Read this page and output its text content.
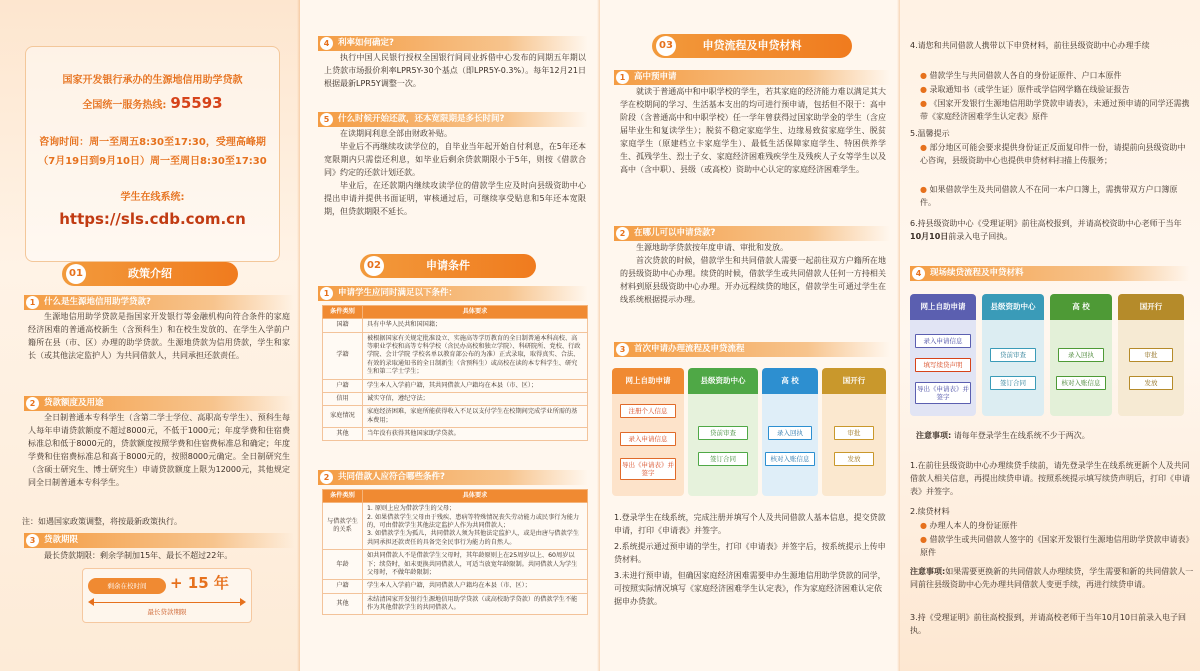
国家开发银行承办的生源地信用助学贷款
全国统一服务热线: 95593
咨询时间：周一至周五8:30至17:30，受理高峰期
（7月19日到9月10日）周一至周日8:30至17:30
学生在线系统:
https://sls.cdb.com.cn
01	政策介绍
1	什么是生源地信用助学贷款?

生源地信用助学贷款是指国家开发银行等金融机构向符合条件的家庭经济困难的普通高校新生（含预科生）和在校生发放的、在学生入学前户籍所在县（市、区）办理的助学贷款。生源地贷款为信用贷款，学生和家长（或其他法定监护人）为共同借款人，共同承担还款责任。

2	贷款额度及用途

全日制普通本专科学生（含第二学士学位、高职高专学生）、预科生每人每年申请贷款额度不超过8000元，不低于1000元；年度学费和住宿费标准总和低于8000元的，贷款额度按照学费和住宿费标准总和确定；年度学费和住宿费标准总和高于8000元的，按照8000元确定。全日制研究生（含硕士研究生、博士研究生）申请贷款额度上限为12000元，其他规定同全日制普通本专科学生。

注：如遇国家政策调整，将按最新政策执行。
3	贷款期限

最长贷款期限：剩余学制加15年、最长不超过22年。

剩余在校时间	+ 15 年
最长贷款期限
4	利率如何确定?

执行中国人民银行授权全国银行间同业拆借中心发布的同期五年期以上贷款市场报价利率LPR5Y-30个基点（即LPR5Y-0.3%）。每年12月21日根据最新LPR5Y调整一次。

5	什么时候开始还款，还本宽限期是多长时间?

在读期间利息全部由财政补贴。

毕业后不再继续攻读学位的，自毕业当年起开始自付利息，在5年还本宽限期内只需偿还利息，如毕业后剩余贷款期限小于5年，则按《借款合同》约定的还款计划还款。

毕业后，在还款期内继续攻读学位的借款学生应及时向县级资助中心提出申请并提供书面证明，审核通过后，可继续享受贴息和5年还本宽限期，但贷款期限不延长。

02	申请条件
1	申请学生应同时满足以下条件：
条件类别	具体要求
国籍	具有中华人民共和国国籍；
学籍	被根据国家有关规定批准设立、实施高等学历教育的全日制普通本科高校、高等职业学校和高等专科学校（含民办高校和独立学院）、科研院所、党校、行政学院、会计学院 学校名单以教育部公布的为准）正式录取，取得真实、合法、有效的录取通知书的全日制新生（含预科生）或高校在读的本专科学生、研究生和第二学士学生；
户籍	学生本人入学前户籍，其共同借款人户籍均在本县（市、区）；
信用	诚实守信，遵纪守法；
家庭情况	家庭经济困难，家庭所能获得收入不足以支付学生在校期间完成学业所需的基本费用；
其他	当年没有获得其他国家助学贷款。
2	共同借款人应符合哪些条件?
条件类别	具体要求
与借款学生的关系	1. 原则上应为借款学生的父母；
2. 如果借款学生父母由于残疾、患病等特殊情况丧失劳动能力或民事行为能力的，可由借款学生其他法定监护人作为共同借款人；
3. 如借款学生为孤儿，共同借款人须为其他法定监护人，或是由唐与借款学生共同承担还款责任的具备完全民事行为能力的自然人。
年龄	如共同借款人不是借款学生父母时，其年龄原则上在25周岁以上、60周岁以下；续贷时，如未更换共同借款人，可适当放宽年龄限制。共同借款人为学生父母时，不做年龄限制；
户籍	学生本人入学前户籍，共同借款人户籍均在本县（市、区）；
其他	未结清国家开发银行生源地信用助学贷款（或高校助学贷款）的借款学生不能作为其他借款学生的共同借款人。
03	申贷流程及申贷材料
1	高中预申请

就读于普通高中和中职学校的学生，若其家庭的经济能力难以满足其大学在校期间的学习、生活基本支出的均可进行预申请，包括但不限于：高中阶段（含普通高中和中职学校）任一学年曾获得过国家助学金的学生（含应届毕业生和复读学生）；脱贫不稳定家庭学生、边缘易致贫家庭学生、脱贫家庭学生（原建档立卡家庭学生）、最低生活保障家庭学生、特困供养学生、孤残学生、烈士子女、家庭经济困难残疾学生及残疾人子女等学生以及高中（含中职）、县级（或高校）资助中心认定的家庭经济困难学生。

2	在哪儿可以申请贷款?

生源地助学贷款按年度申请、审批和发放。

首次贷款的时候，借款学生和共同借款人需要一起前往双方户籍所在地的县级资助中心办理。续贷的时候，借款学生或共同借款人任何一方持相关材料到原县级资助中心办理。开办远程续贷的地区，借款学生可通过学生在线系统根据提示办理。

3	首次申请办理流程及申贷流程
网上自助申请	县级资助中心	高 校	国开行
注册个人信息
录入申请信息
导出《申请表》并签字
贷前审查
签订合同
录入回执
核对入账信息
审批
发放
1.登录学生在线系统，完成注册并填写个人及共同借款人基本信息，提交贷款申请，打印《申请表》并签字。
2.系统提示通过预申请的学生，打印《申请表》并签字后，按系统提示上传申贷材料。
3.未进行预申请，但确因家庭经济困难需要申办生源地信用助学贷款的同学，可按照实际情况填写《家庭经济困难学生认定表》，作为家庭经济困难认定依据申办贷款。
4.请您和共同借款人携带以下申贷材料，前往县级资助中心办理手续
● 借款学生与共同借款人各自的身份证原件、户口本原件
● 录取通知书（或学生证）原件或学信网学籍在线验证报告
● 《国家开发银行生源地信用助学贷款申请表》，未通过预申请的同学还需携带《家庭经济困难学生认定表》原件
5.温馨提示
● 部分地区可能会要求提供身份证正反面复印件一份，请提前向县级资助中心咨询，县级资助中心也提供申贷材料扫描上传服务；
● 如果借款学生及共同借款人不在同一本户口簿上，需携带双方户口簿原件。
6.持县级资助中心《受理证明》前往高校报到，并请高校资助中心老师于当年10月10日前录入电子回执。
4	现场续贷流程及申贷材料
网上自助申请	县级资助中心	高 校	国开行
录入申请信息
填写续贷声明
导出《申请表》并签字
贷前审查
签订合同
录入回执
核对入账信息
审批
发放
注意事项: 请每年登录学生在线系统不少于两次。
1.在前往县级资助中心办理续贷手续前，请先登录学生在线系统更新个人及共同借款人相关信息，再提出续贷申请。按照系统提示填写续贷声明后，打印《申请表》并签字。
2.续贷材料
● 办理人本人的身份证原件
● 借款学生或共同借款人签字的《国家开发银行生源地信用助学贷款申请表》原件
注意事项:如果需要更换新的共同借款人办理续贷，学生需要和新的共同借款人一同前往县级资助中心先办理共同借款人变更手续，再进行续贷申请。
3.持《受理证明》前往高校报到，并请高校老师于当年10月10日前录入电子回执。
